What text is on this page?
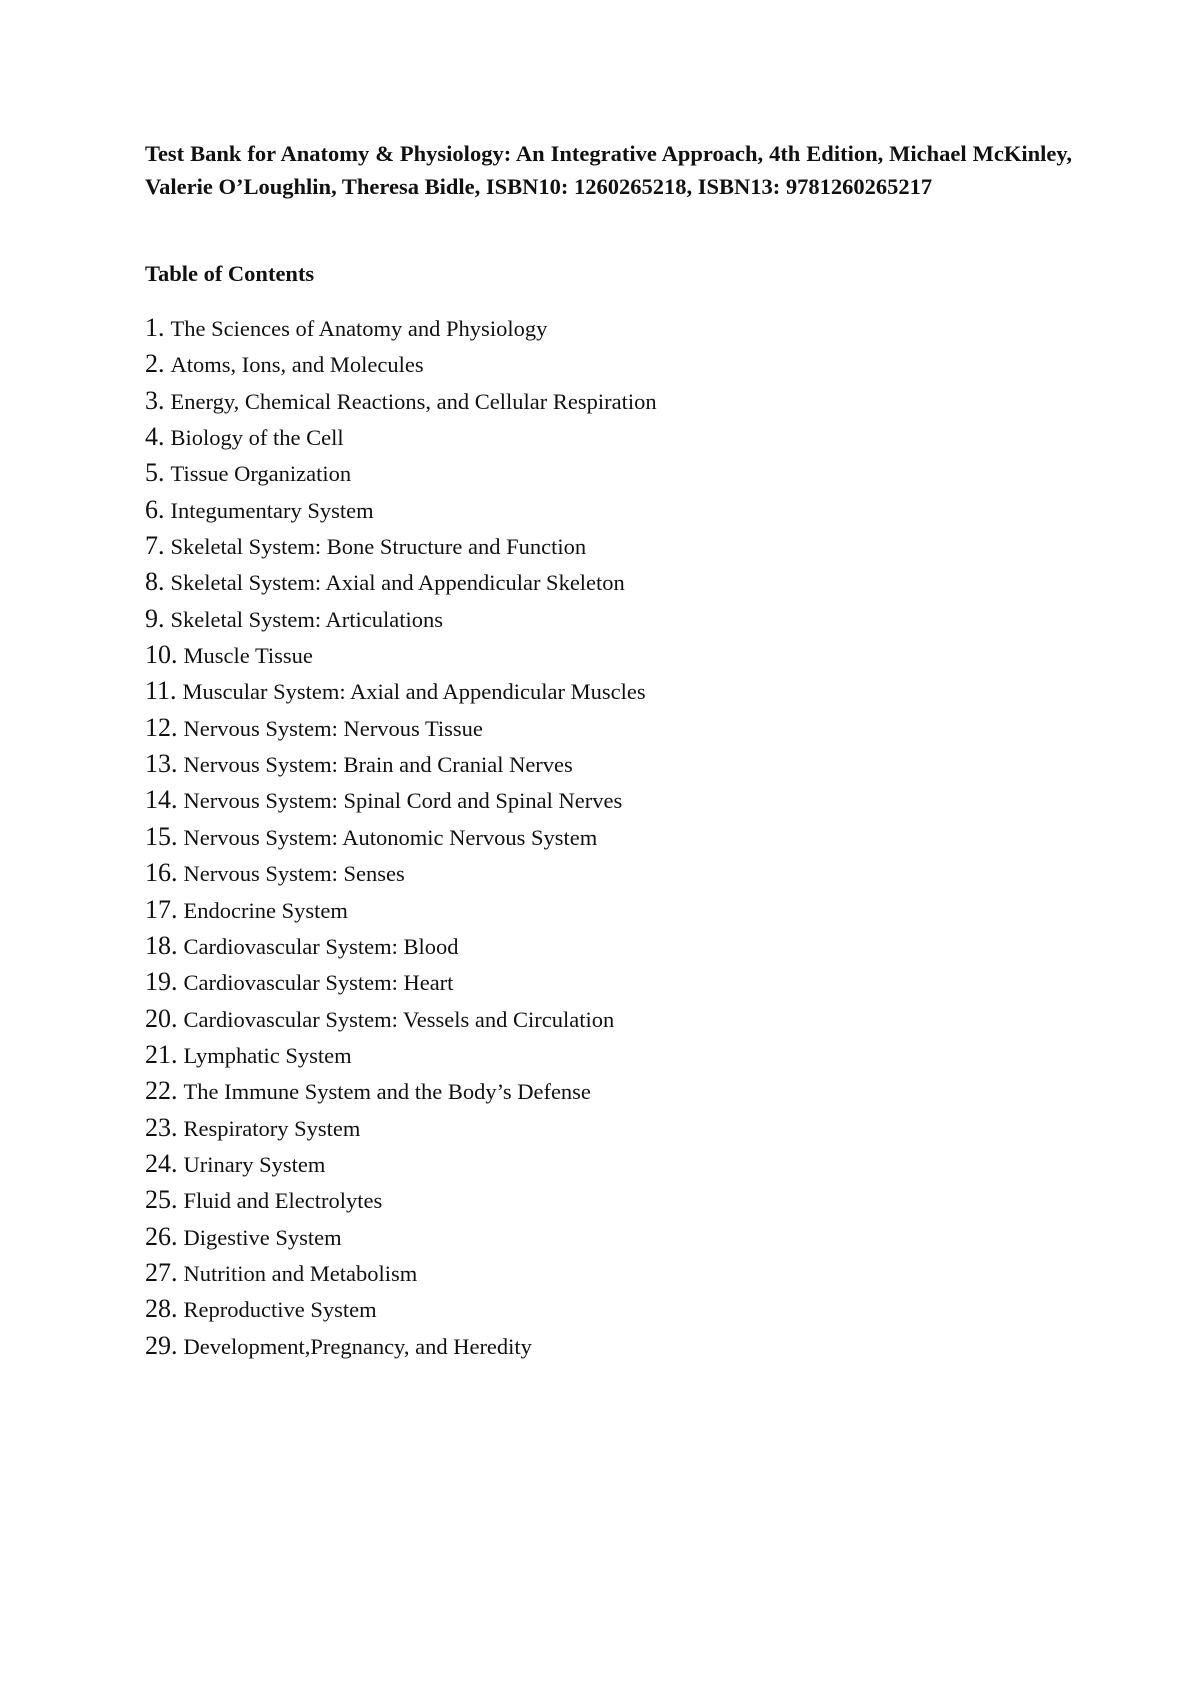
Test Bank for Anatomy & Physiology: An Integrative Approach, 4th Edition, Michael McKinley, Valerie O’Loughlin, Theresa Bidle, ISBN10: 1260265218, ISBN13: 9781260265217

Table of Contents

1. The Sciences of Anatomy and Physiology
2. Atoms, Ions, and Molecules
3. Energy, Chemical Reactions, and Cellular Respiration
4. Biology of the Cell
5. Tissue Organization
6. Integumentary System
7. Skeletal System: Bone Structure and Function
8. Skeletal System: Axial and Appendicular Skeleton
9. Skeletal System: Articulations
10. Muscle Tissue
11. Muscular System: Axial and Appendicular Muscles
12. Nervous System: Nervous Tissue
13. Nervous System: Brain and Cranial Nerves
14. Nervous System: Spinal Cord and Spinal Nerves
15. Nervous System: Autonomic Nervous System
16. Nervous System: Senses
17. Endocrine System
18. Cardiovascular System: Blood
19. Cardiovascular System: Heart
20. Cardiovascular System: Vessels and Circulation
21. Lymphatic System
22. The Immune System and the Body’s Defense
23. Respiratory System
24. Urinary System
25. Fluid and Electrolytes
26. Digestive System
27. Nutrition and Metabolism
28. Reproductive System
29. Development,Pregnancy, and Heredity
